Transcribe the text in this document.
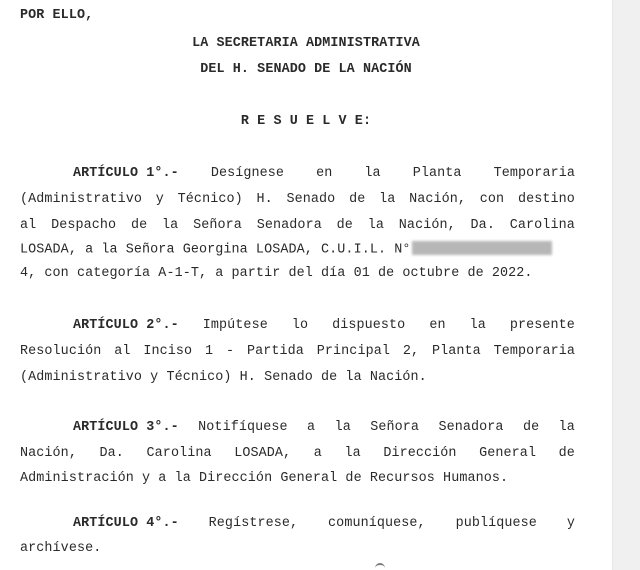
POR ELLO,
LA SECRETARIA ADMINISTRATIVA
DEL H. SENADO DE LA NACIÓN
R E S U E L V E:
ARTÍCULO 1°.- Desígnese en la Planta Temporaria
(Administrativo y Técnico) H. Senado de la Nación, con destino
al Despacho de la Señora Senadora de la Nación, Da. Carolina
LOSADA, a la Señora Georgina LOSADA, C.U.I.L. N°
4, con categoría A-1-T, a partir del día 01 de octubre de 2022.
ARTÍCULO 2°.- Impútese lo dispuesto en la presente
Resolución al Inciso 1 - Partida Principal 2, Planta Temporaria
(Administrativo y Técnico) H. Senado de la Nación.
ARTÍCULO 3°.- Notifíquese a la Señora Senadora de la
Nación, Da. Carolina LOSADA, a la Dirección General de
Administración y a la Dirección General de Recursos Humanos.
ARTÍCULO 4°.- Regístrese, comuníquese, publíquese y
archívese.
